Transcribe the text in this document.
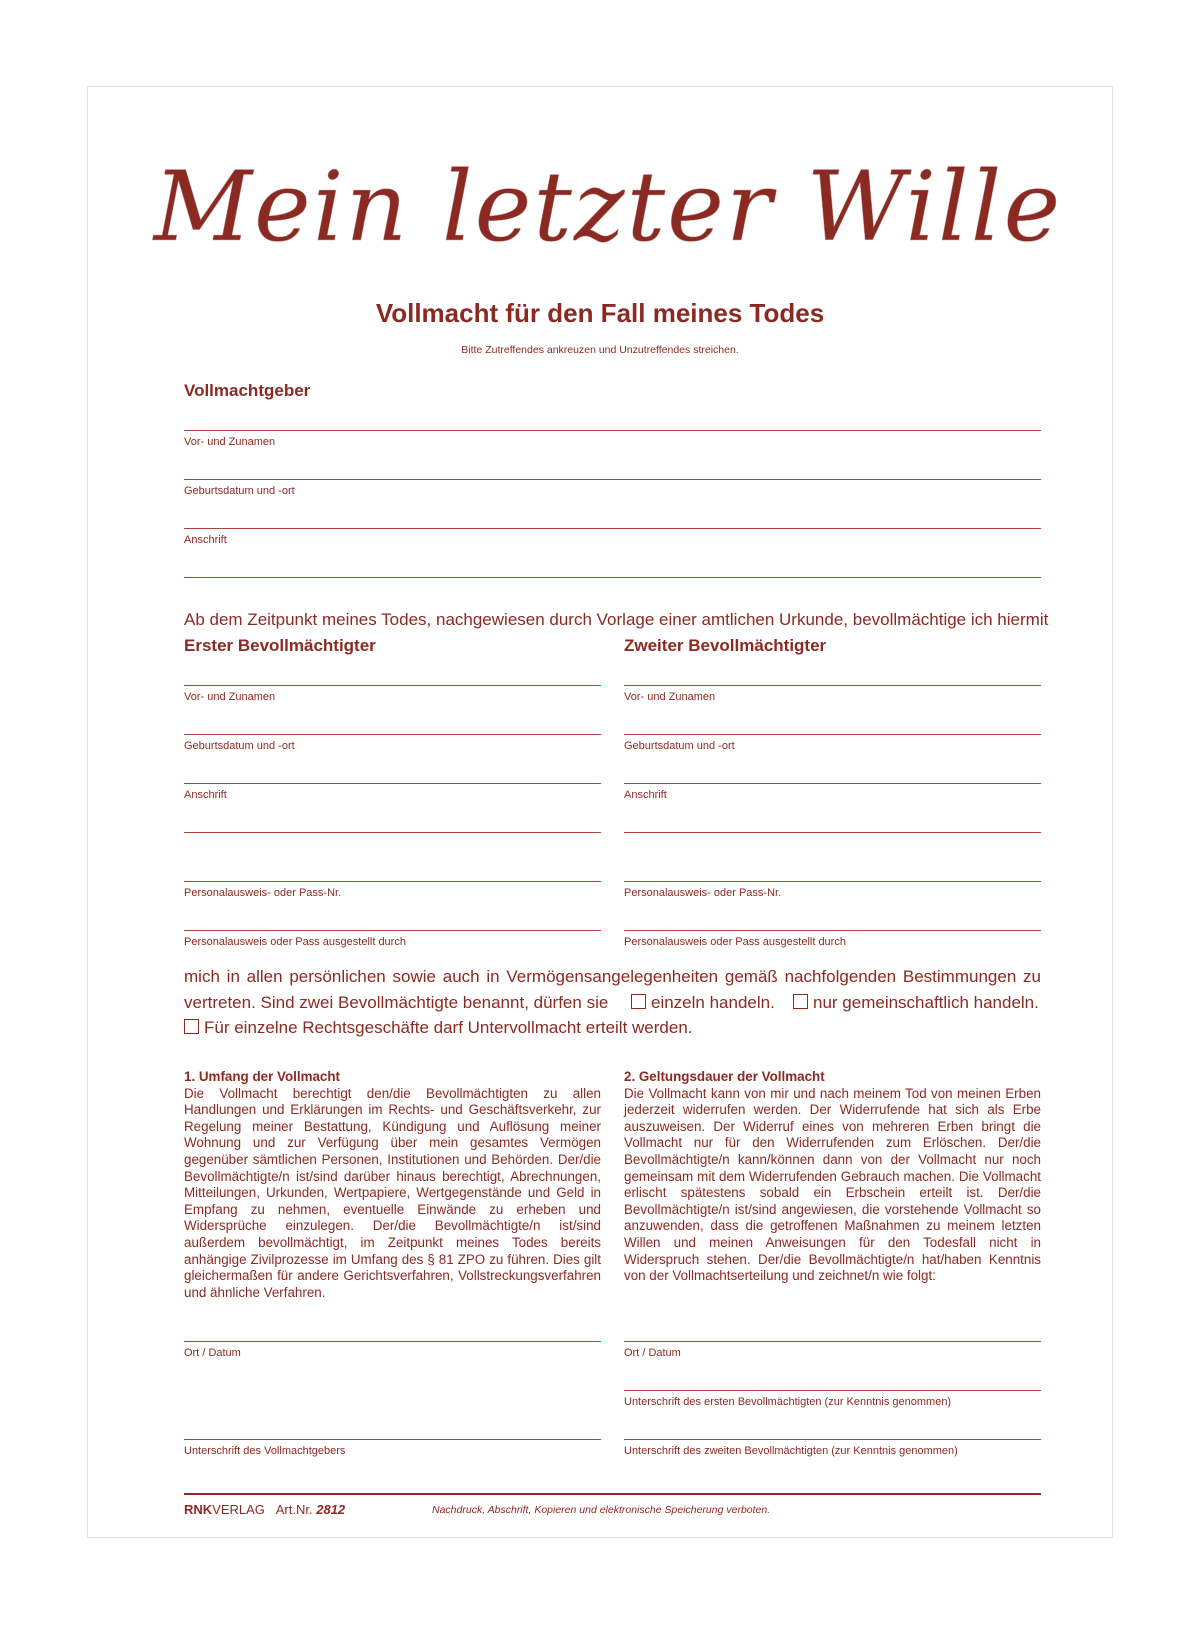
Mein letzter Wille
Vollmacht für den Fall meines Todes
Bitte Zutreffendes ankreuzen und Unzutreffendes streichen.
Vollmachtgeber
Vor- und Zunamen
Geburtsdatum und -ort
Anschrift
Ab dem Zeitpunkt meines Todes, nachgewiesen durch Vorlage einer amtlichen Urkunde, bevollmächtige ich hiermit
Erster Bevollmächtigter	Zweiter Bevollmächtigter
Vor- und Zunamen
Geburtsdatum und -ort
Anschrift
Personalausweis- oder Pass-Nr.
Personalausweis oder Pass ausgestellt durch
Vor- und Zunamen
Geburtsdatum und -ort
Anschrift
Personalausweis- oder Pass-Nr.
Personalausweis oder Pass ausgestellt durch
mich in allen persönlichen sowie auch in Vermögensangelegenheiten gemäß nachfolgenden Bestimmungen zu
vertreten. Sind zwei Bevollmächtigte benannt, dürfen sie	einzeln handeln.	nur gemeinschaftlich handeln.
Für einzelne Rechtsgeschäfte darf Untervollmacht erteilt werden.
1. Umfang der Vollmacht
Die Vollmacht berechtigt den/die Bevollmächtigten zu allen Handlungen und Erklärungen im Rechts- und Geschäftsverkehr, zur Regelung meiner Bestattung, Kündigung und Auflösung meiner Wohnung und zur Verfügung über mein gesamtes Vermögen gegenüber sämtlichen Personen, Institutionen und Behörden. Der/die Bevollmächtigte/n ist/sind darüber hinaus berechtigt, Abrechnungen, Mitteilungen, Urkunden, Wertpapiere, Wertgegenstände und Geld in Empfang zu nehmen, eventuelle Einwände zu erheben und Widersprüche einzulegen. Der/die Bevollmächtigte/n ist/sind außerdem bevollmächtigt, im Zeitpunkt meines Todes bereits anhängige Zivilprozesse im Umfang des § 81 ZPO zu führen. Dies gilt gleichermaßen für andere Gerichtsverfahren, Vollstreckungsverfahren und ähnliche Verfahren.
2. Geltungsdauer der Vollmacht
Die Vollmacht kann von mir und nach meinem Tod von meinen Erben jederzeit widerrufen werden. Der Widerrufende hat sich als Erbe auszuweisen. Der Widerruf eines von mehreren Erben bringt die Vollmacht nur für den Widerrufenden zum Erlöschen. Der/die Bevollmächtigte/n kann/können dann von der Vollmacht nur noch gemeinsam mit dem Widerrufenden Gebrauch machen. Die Vollmacht erlischt spätestens sobald ein Erbschein erteilt ist. Der/die Bevollmächtigte/n ist/sind angewiesen, die vorstehende Vollmacht so anzuwenden, dass die getroffenen Maßnahmen zu meinem letzten Willen und meinen Anweisungen für den Todesfall nicht in Widerspruch stehen. Der/die Bevollmächtigte/n hat/haben Kenntnis von der Vollmachtserteilung und zeichnet/n wie folgt:
Ort / Datum
Unterschrift des Vollmachtgebers
Ort / Datum
Unterschrift des ersten Bevollmächtigten (zur Kenntnis genommen)
Unterschrift des zweiten Bevollmächtigten (zur Kenntnis genommen)
RNKVERLAG Art.Nr. 2812	Nachdruck, Abschrift, Kopieren und elektronische Speicherung verboten.
